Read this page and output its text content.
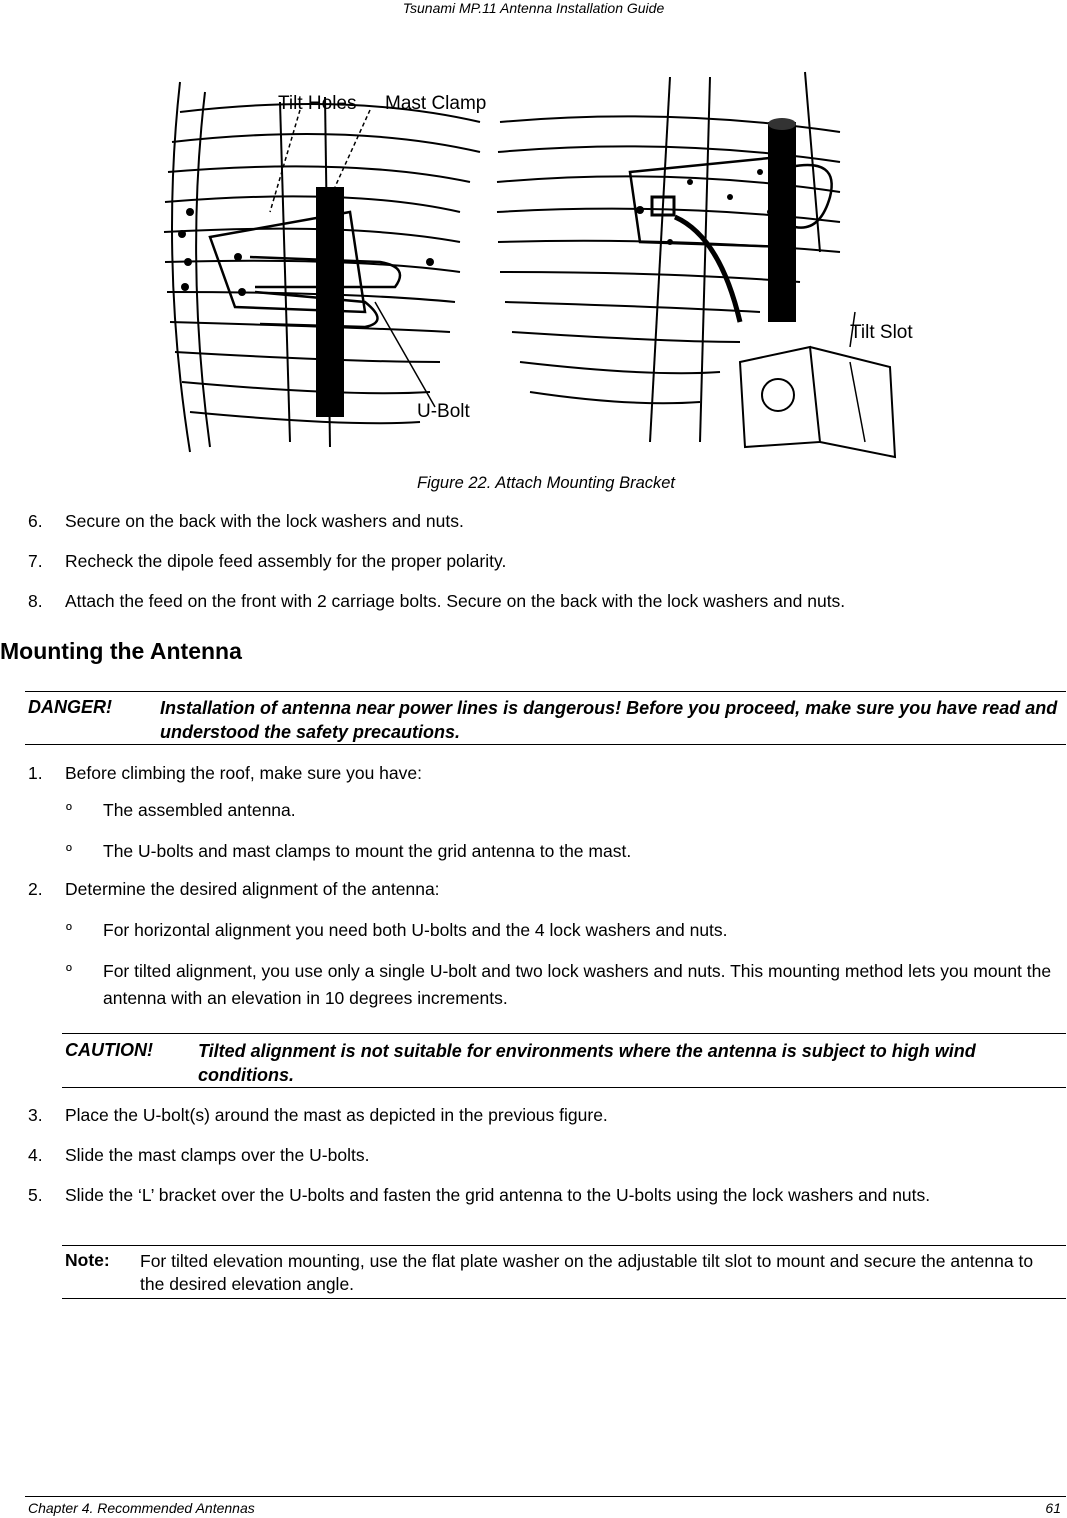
Tsunami MP.11 Antenna Installation Guide
Tilt Holes Mast Clamp
U-Bolt
Tilt Slot
Figure 22. Attach Mounting Bracket
6. Secure on the back with the lock washers and nuts.
7. Recheck the dipole feed assembly for the proper polarity.
8. Attach the feed on the front with 2 carriage bolts. Secure on the back with the lock washers and nuts.
Mounting the Antenna
DANGER!	Installation of antenna near power lines is dangerous! Before you proceed, make sure you have read and understood the safety precautions.
1. Before climbing the roof, make sure you have:
º The assembled antenna.
º The U-bolts and mast clamps to mount the grid antenna to the mast.
2. Determine the desired alignment of the antenna:
º For horizontal alignment you need both U-bolts and the 4 lock washers and nuts.
º For tilted alignment, you use only a single U-bolt and two lock washers and nuts. This mounting method lets you mount the antenna with an elevation in 10 degrees increments.
CAUTION!	Tilted alignment is not suitable for environments where the antenna is subject to high wind conditions.
3. Place the U-bolt(s) around the mast as depicted in the previous figure.
4. Slide the mast clamps over the U-bolts.
5. Slide the ‘L’ bracket over the U-bolts and fasten the grid antenna to the U-bolts using the lock washers and nuts.
Note: For tilted elevation mounting, use the flat plate washer on the adjustable tilt slot to mount and secure the antenna to the desired elevation angle.
Chapter 4. Recommended Antennas	61
